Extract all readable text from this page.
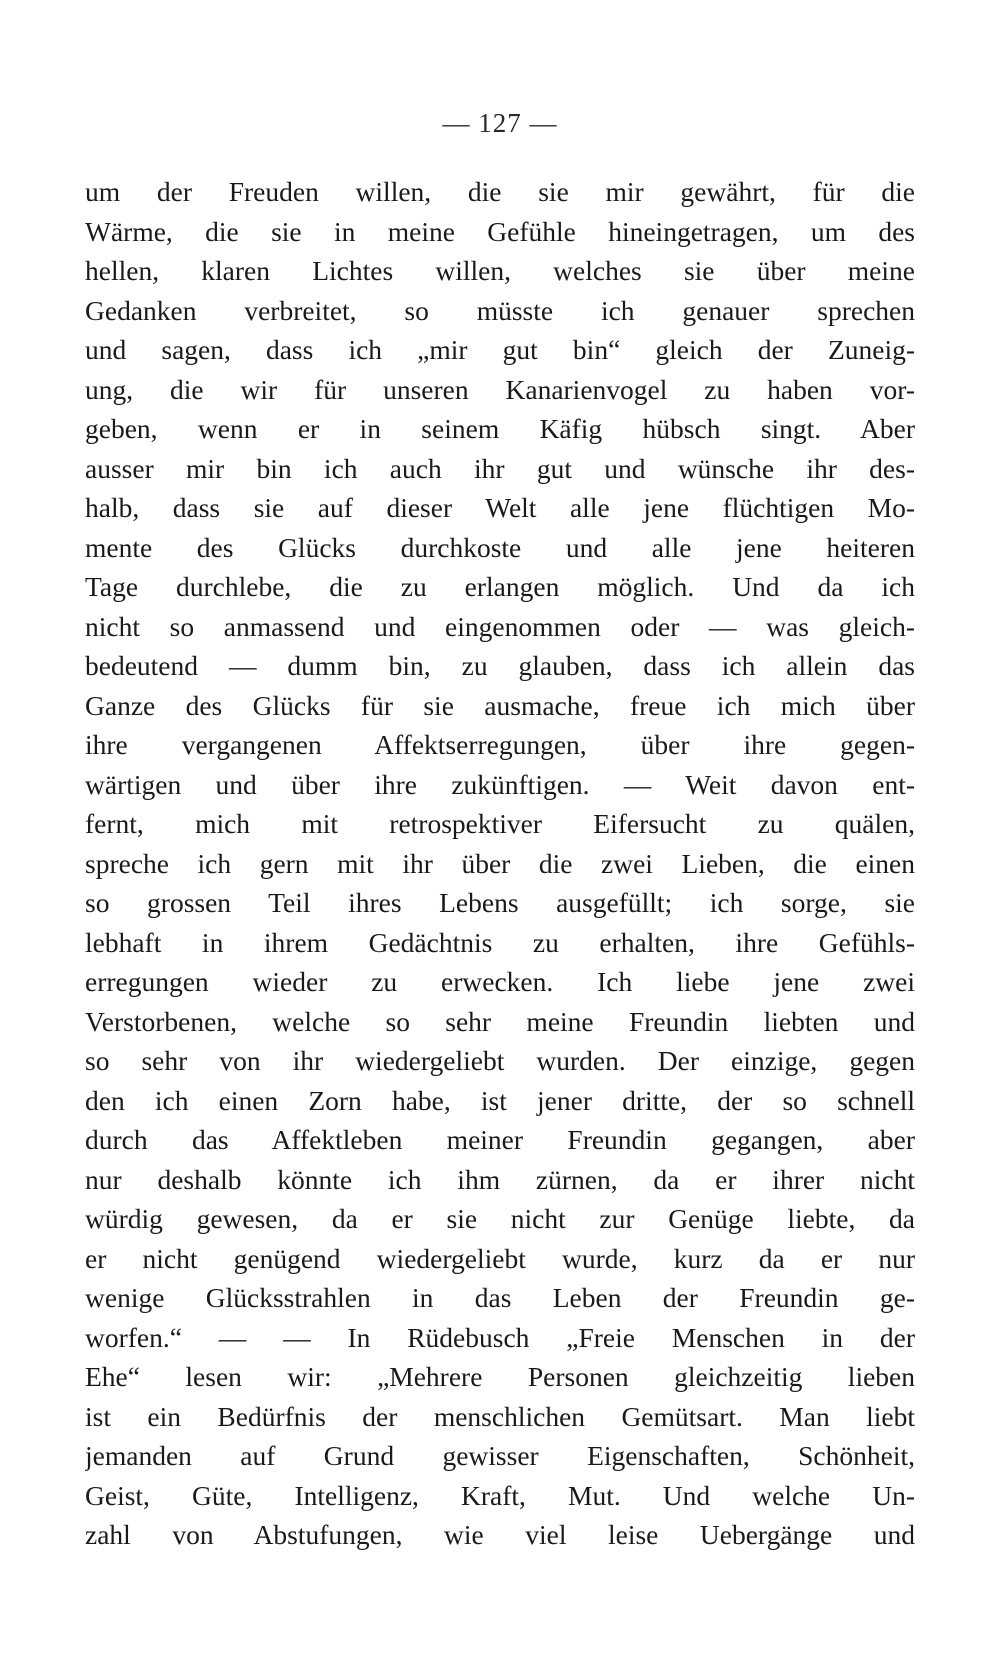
— 127 —
um der Freuden willen, die sie mir gewährt, für die
Wärme, die sie in meine Gefühle hineingetragen, um des
hellen, klaren Lichtes willen, welches sie über meine
Gedanken verbreitet, so müsste ich genauer sprechen
und sagen, dass ich „mir gut bin“ gleich der Zuneig-
ung, die wir für unseren Kanarienvogel zu haben vor-
geben, wenn er in seinem Käfig hübsch singt. Aber
ausser mir bin ich auch ihr gut und wünsche ihr des-
halb, dass sie auf dieser Welt alle jene flüchtigen Mo-
mente des Glücks durchkoste und alle jene heiteren
Tage durchlebe, die zu erlangen möglich. Und da ich
nicht so anmassend und eingenommen oder — was gleich-
bedeutend — dumm bin, zu glauben, dass ich allein das
Ganze des Glücks für sie ausmache, freue ich mich über
ihre vergangenen Affektserregungen, über ihre gegen-
wärtigen und über ihre zukünftigen. — Weit davon ent-
fernt, mich mit retrospektiver Eifersucht zu quälen,
spreche ich gern mit ihr über die zwei Lieben, die einen
so grossen Teil ihres Lebens ausgefüllt; ich sorge, sie
lebhaft in ihrem Gedächtnis zu erhalten, ihre Gefühls-
erregungen wieder zu erwecken. Ich liebe jene zwei
Verstorbenen, welche so sehr meine Freundin liebten und
so sehr von ihr wiedergeliebt wurden. Der einzige, gegen
den ich einen Zorn habe, ist jener dritte, der so schnell
durch das Affektleben meiner Freundin gegangen, aber
nur deshalb könnte ich ihm zürnen, da er ihrer nicht
würdig gewesen, da er sie nicht zur Genüge liebte, da
er nicht genügend wiedergeliebt wurde, kurz da er nur
wenige Glücksstrahlen in das Leben der Freundin ge-
worfen.“ — — In Rüdebusch „Freie Menschen in der
Ehe“ lesen wir: „Mehrere Personen gleichzeitig lieben
ist ein Bedürfnis der menschlichen Gemütsart. Man liebt
jemanden auf Grund gewisser Eigenschaften, Schönheit,
Geist, Güte, Intelligenz, Kraft, Mut. Und welche Un-
zahl von Abstufungen, wie viel leise Uebergänge und
